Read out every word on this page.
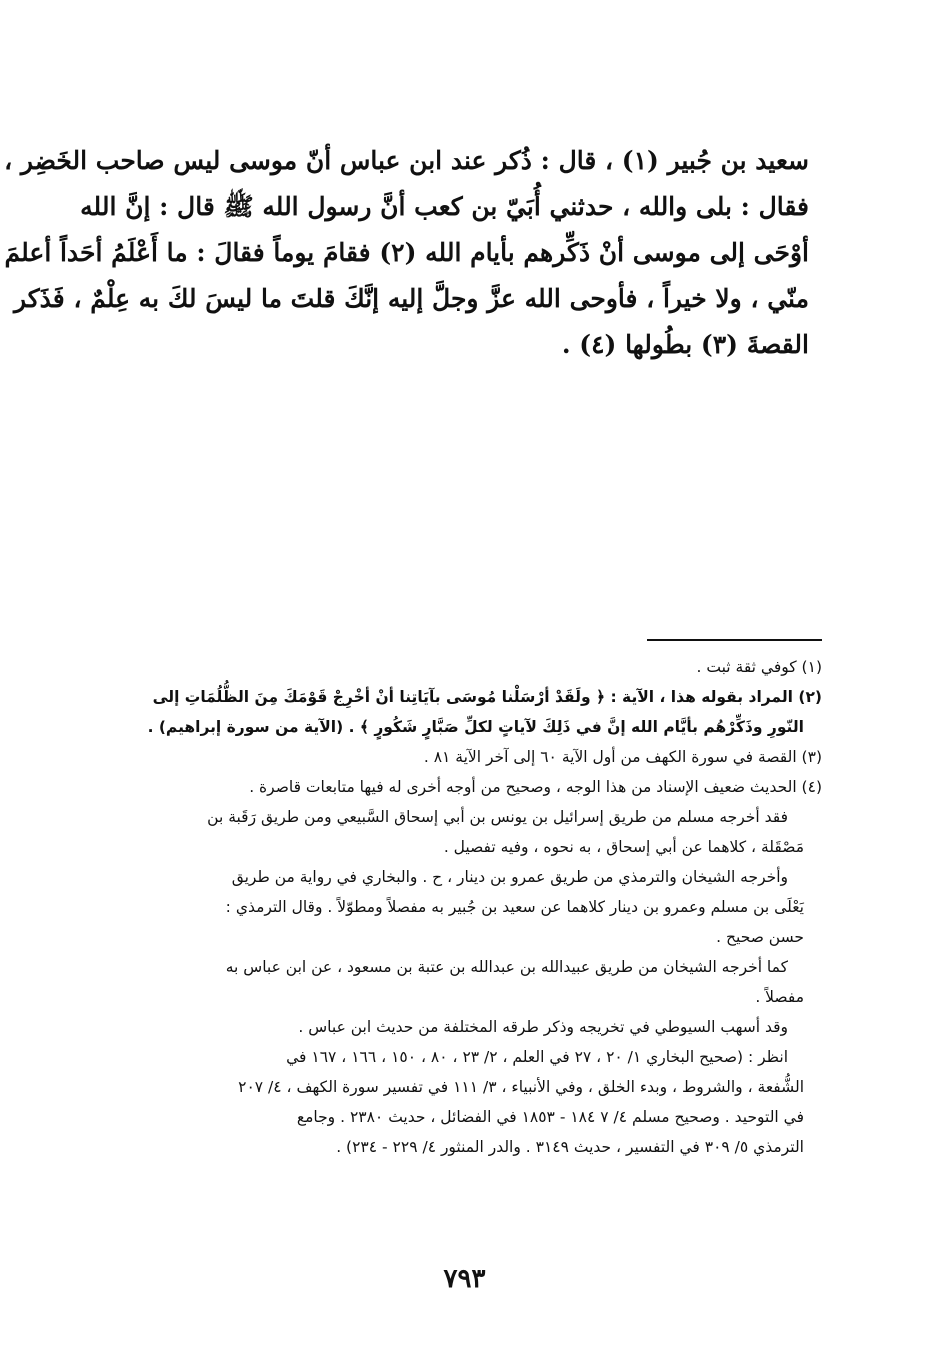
سعيد بن جُبير (١) ، قال : ذُكر عند ابن عباس أنّ موسى ليس صاحب الخَضِر ،
فقال : بلى والله ، حدثني أُبَيّ بن كعب أنَّ رسول الله ﷺ قال : إنَّ الله
أوْحَى إلى موسى أنْ ذَكِّرهم بأيام الله (٢) فقامَ يوماً فقالَ : ما أَعْلَمُ أحَداً أعلمَ
منّي ، ولا خيراً ، فأوحى الله عزَّ وجلَّ إليه إنَّكَ قلتَ ما ليسَ لكَ به عِلْمٌ ، فَذَكر
القصةَ (٣) بطُولها (٤) .
(١) كوفي ثقة ثبت .
(٢) المراد بقوله هذا ، الآية : ﴿ ولَقَدْ أرْسَلْنا مُوسَى بآيَاتِنا أنْ أخْرِجْ قَوْمَكَ مِنَ الظُّلُمَاتِ إلى
النّورِ وذَكِّرْهُم بأيَّام الله إنَّ في ذَلِكَ لآياتٍ لكلِّ صَبَّارٍ شَكُورٍ ﴾ . (الآية من سورة إبراهيم) .
(٣) القصة في سورة الكهف من أول الآية ٦٠ إلى آخر الآية ٨١ .
(٤) الحديث ضعيف الإسناد من هذا الوجه ، وصحيح من أوجه أخرى له فيها متابعات قاصرة .
فقد أخرجه مسلم من طريق إسرائيل بن يونس بن أبي إسحاق السَّبيعي ومن طريق رَقَبة بن
مَصْقَلة ، كلاهما عن أبي إسحاق ، به نحوه ، وفيه تفصيل .
وأخرجه الشيخان والترمذي من طريق عمرو بن دينار ، ح . والبخاري في رواية من طريق
يَعْلَى بن مسلم وعمرو بن دينار كلاهما عن سعيد بن جُبير به مفصلاً ومطوّلاً . وقال الترمذي :
حسن صحيح .
كما أخرجه الشيخان من طريق عبيدالله بن عبدالله بن عتبة بن مسعود ، عن ابن عباس به
مفصلاً .
وقد أسهب السيوطي في تخريجه وذكر طرقه المختلفة من حديث ابن عباس .
انظر : (صحيح البخاري ١/ ٢٠ ، ٢٧ في العلم ، ٢/ ٢٣ ، ٨٠ ، ١٥٠ ، ١٦٦ ، ١٦٧ في
الشُّفعة ، والشروط ، وبدء الخلق ، وفي الأنبياء ، ٣/ ١١١ في تفسير سورة الكهف ، ٤/ ٢٠٧
في التوحيد . وصحيح مسلم ٤/ ٧ ١٨٤ - ١٨٥٣ في الفضائل ، حديث ٢٣٨٠ . وجامع
الترمذي ٥/ ٣٠٩ في التفسير ، حديث ٣١٤٩ . والدر المنثور ٤/ ٢٢٩ - ٢٣٤) .
٧٩٣
